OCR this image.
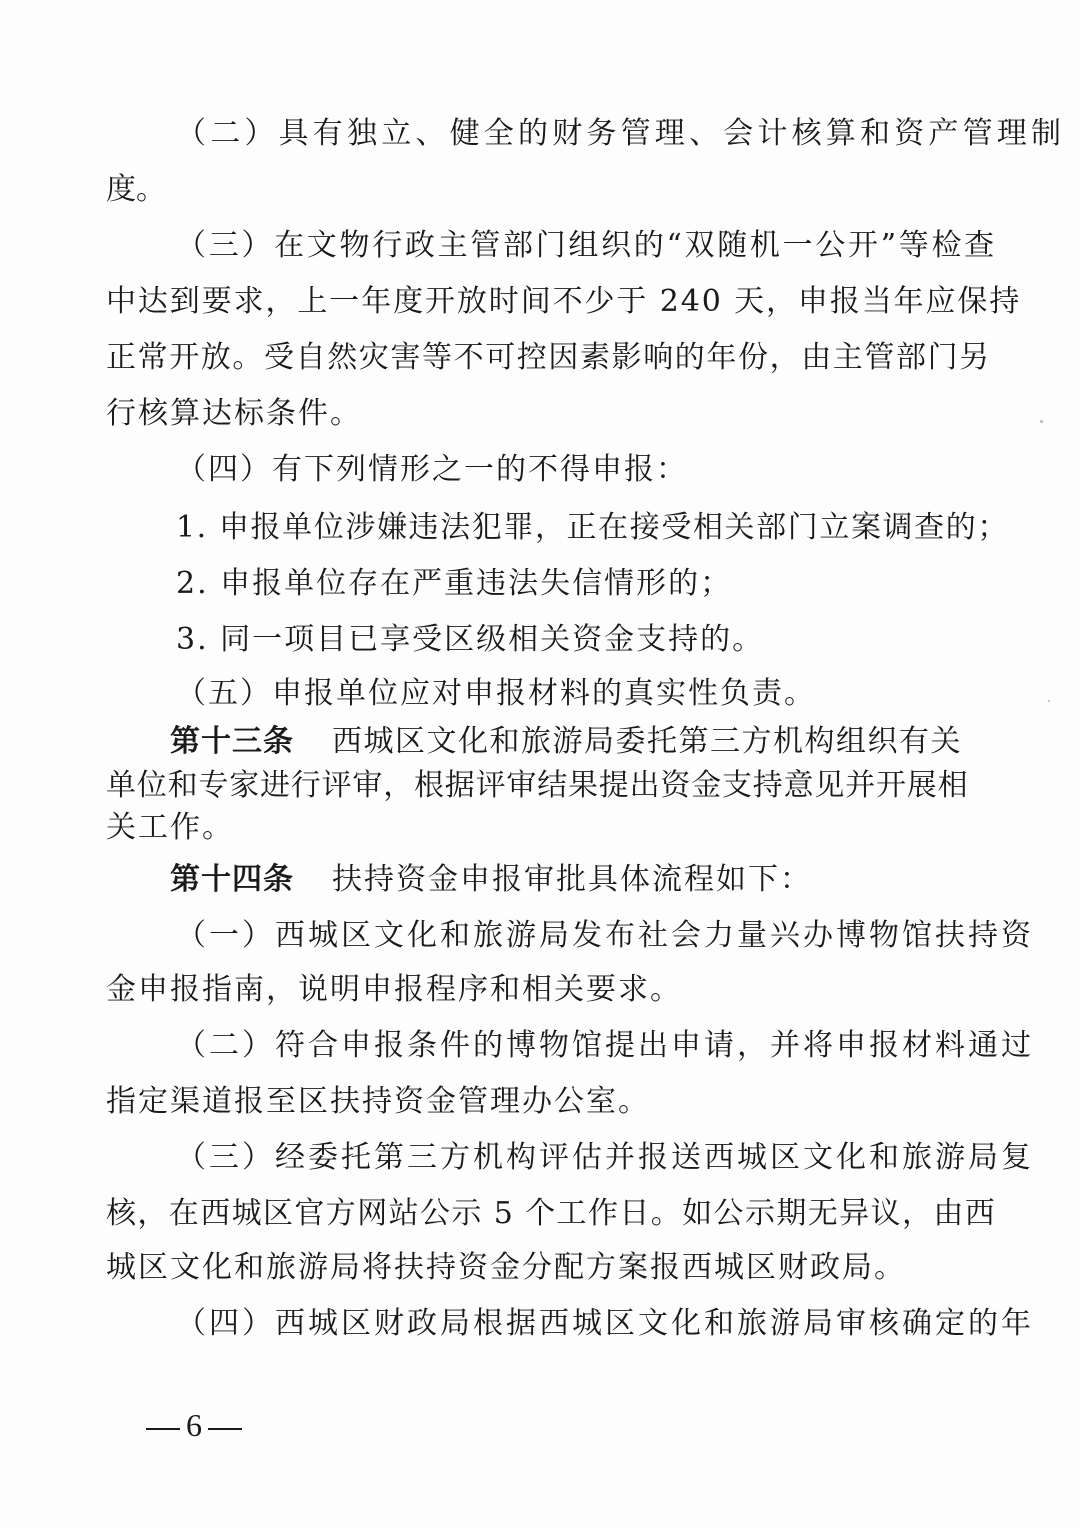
（二）具有独立、健全的财务管理、会计核算和资产管理制
度。
（三）在文物行政主管部门组织的“双随机一公开”等检查
中达到要求，上一年度开放时间不少于 240 天，申报当年应保持
正常开放。受自然灾害等不可控因素影响的年份，由主管部门另
行核算达标条件。
（四）有下列情形之一的不得申报：
1. 申报单位涉嫌违法犯罪，正在接受相关部门立案调查的；
2. 申报单位存在严重违法失信情形的；
3. 同一项目已享受区级相关资金支持的。
（五）申报单位应对申报材料的真实性负责。
第十三条 西城区文化和旅游局委托第三方机构组织有关
单位和专家进行评审，根据评审结果提出资金支持意见并开展相
关工作。
第十四条 扶持资金申报审批具体流程如下：
（一）西城区文化和旅游局发布社会力量兴办博物馆扶持资
金申报指南，说明申报程序和相关要求。
（二）符合申报条件的博物馆提出申请，并将申报材料通过
指定渠道报至区扶持资金管理办公室。
（三）经委托第三方机构评估并报送西城区文化和旅游局复
核，在西城区官方网站公示 5 个工作日。如公示期无异议，由西
城区文化和旅游局将扶持资金分配方案报西城区财政局。
（四）西城区财政局根据西城区文化和旅游局审核确定的年
6
